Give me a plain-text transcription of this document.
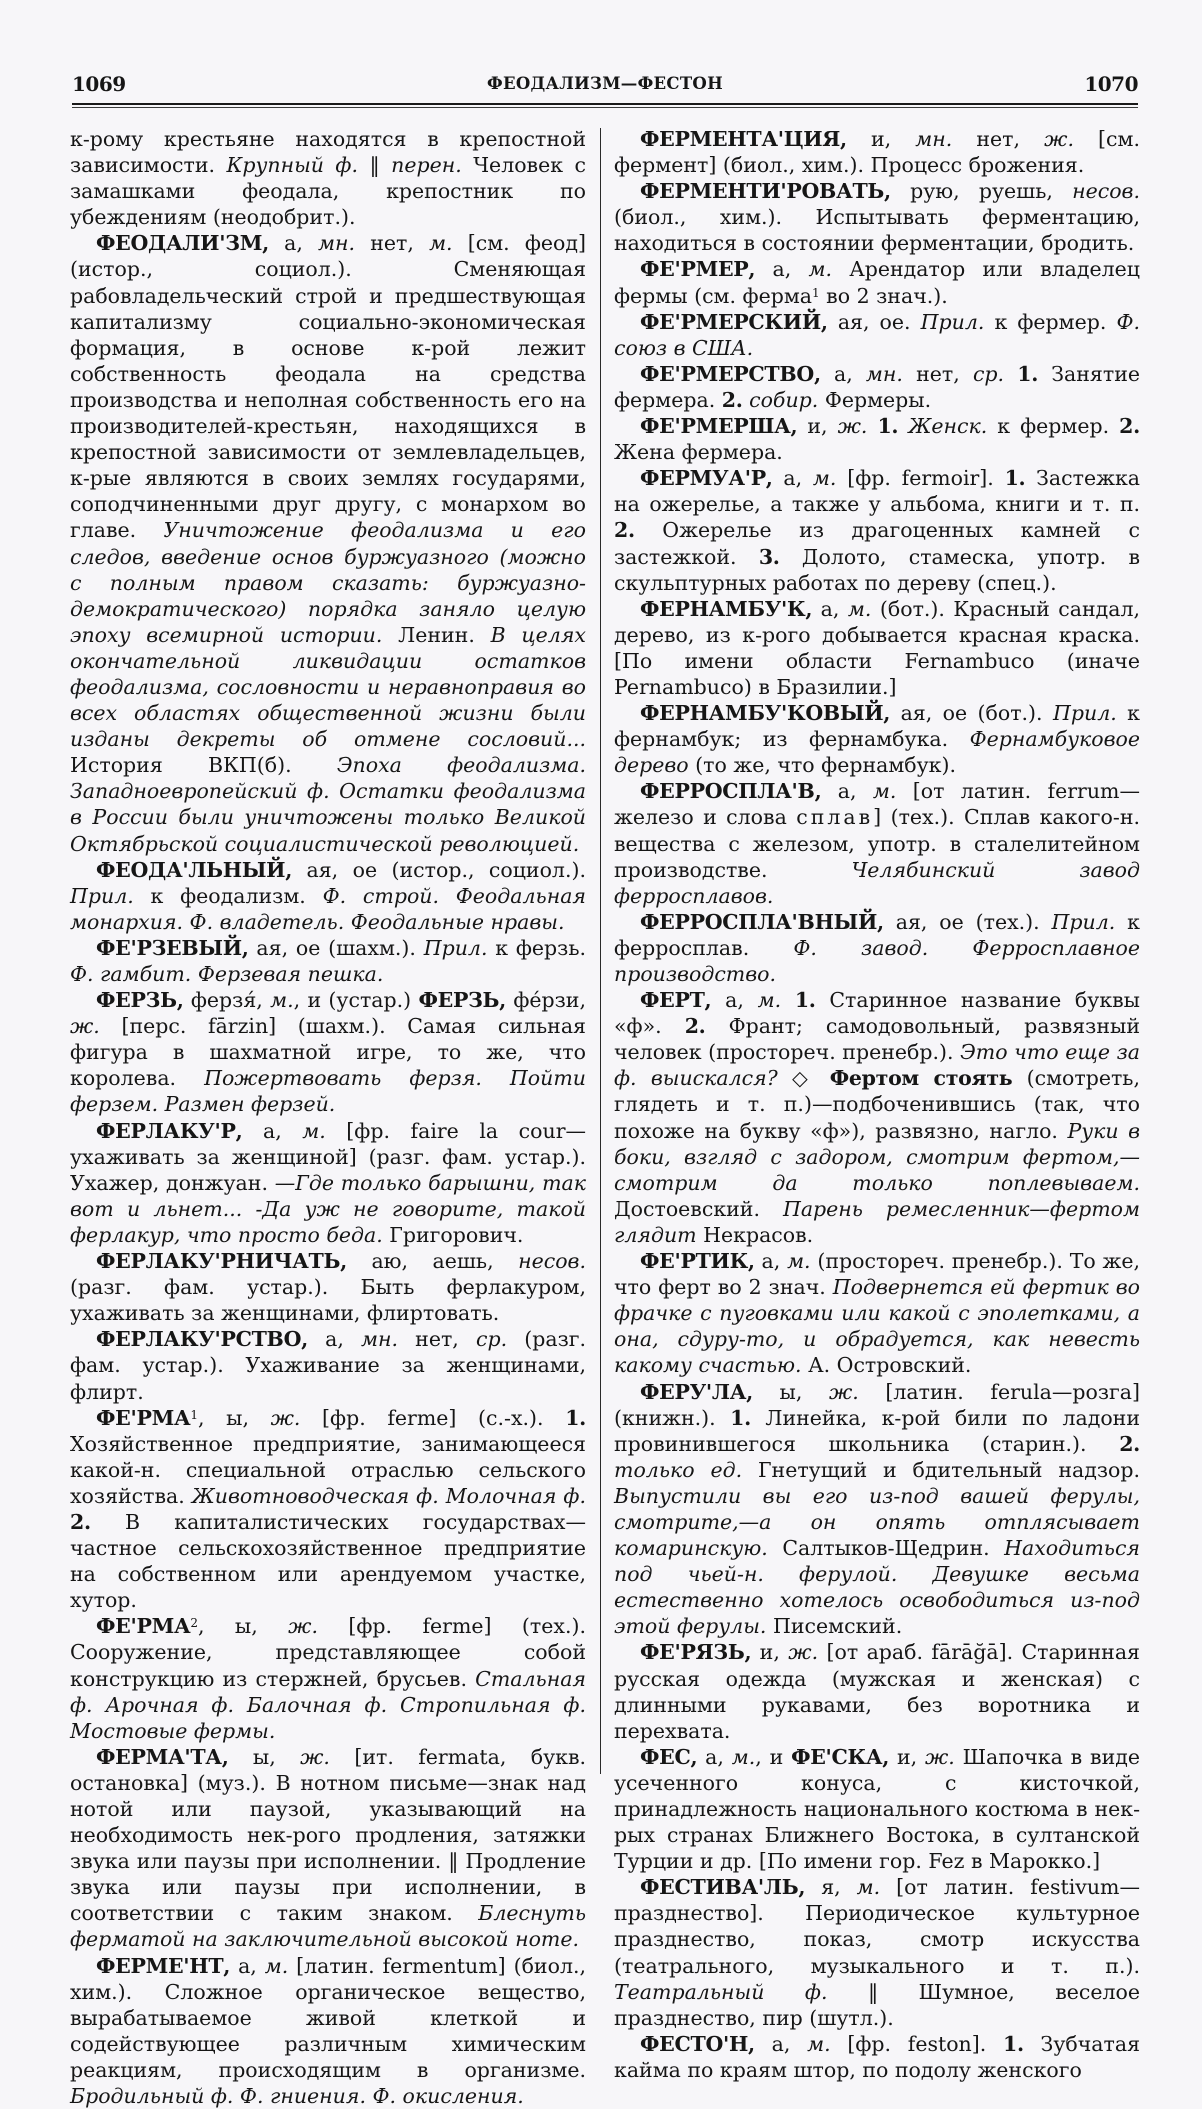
1069	ФЕОДАЛИЗМ—ФЕСТОН	1070

к-рому крестьяне находятся в крепостной зависимости. Крупный ф. ‖ перен. Человек с замашками феодала, крепостник по убеждениям (неодобрит.).

ФЕОДАЛИ'ЗМ, а, мн. нет, м. [см. феод] (истор., социол.). Сменяющая рабовладельческий строй и предшествующая капитализму социально-экономическая формация, в основе к-рой лежит собственность феодала на средства производства и неполная собственность его на производителей-крестьян, находящихся в крепостной зависимости от землевладельцев, к-рые являются в своих землях государями, соподчиненными друг другу, с монархом во главе. Уничтожение феодализма и его следов, введение основ буржуазного (можно с полным правом сказать: буржуазно-демократического) порядка заняло целую эпоху всемирной истории. Ленин. В целях окончательной ликвидации остатков феодализма, сословности и неравноправия во всех областях общественной жизни были изданы декреты об отмене сословий... История ВКП(б). Эпоха феодализма. Западноевропейский ф. Остатки феодализма в России были уничтожены только Великой Октябрьской социалистической революцией.

ФЕОДА'ЛЬНЫЙ, ая, ое (истор., социол.). Прил. к феодализм. Ф. строй. Феодальная монархия. Ф. владетель. Феодальные нравы.

ФЕ'РЗЕВЫЙ, ая, ое (шахм.). Прил. к ферзь. Ф. гамбит. Ферзевая пешка.

ФЕРЗЬ, ферзя́, м., и (устар.) ФЕРЗЬ, фе́рзи, ж. [перс. fārzin] (шахм.). Самая сильная фигура в шахматной игре, то же, что королева. Пожертвовать ферзя. Пойти ферзем. Размен ферзей.

ФЕРЛАКУ'Р, а, м. [фр. faire la cour—ухаживать за женщиной] (разг. фам. устар.). Ухажер, донжуан. —Где только барышни, так вот и льнет... -Да уж не говорите, такой ферлакур, что просто беда. Григорович.

ФЕРЛАКУ'РНИЧАТЬ, аю, аешь, несов. (разг. фам. устар.). Быть ферлакуром, ухаживать за женщинами, флиртовать.

ФЕРЛАКУ'РСТВО, а, мн. нет, ср. (разг. фам. устар.). Ухаживание за женщинами, флирт.

ФЕ'РМА$^1$, ы, ж. [фр. ferme] (с.-х.). 1. Хозяйственное предприятие, занимающееся какой-н. специальной отраслью сельского хозяйства. Животноводческая ф. Молочная ф. 2. В капиталистических государствах—частное сельскохозяйственное предприятие на собственном или арендуемом участке, хутор.

ФЕ'РМА$^2$, ы, ж. [фр. ferme] (тех.). Сооружение, представляющее собой конструкцию из стержней, брусьев. Стальная ф. Арочная ф. Балочная ф. Стропильная ф. Мостовые фермы.

ФЕРМА'ТА, ы, ж. [ит. fermata, букв. остановка] (муз.). В нотном письме—знак над нотой или паузой, указывающий на необходимость нек-рого продления, затяжки звука или паузы при исполнении. ‖ Продление звука или паузы при исполнении, в соответствии с таким знаком. Блеснуть ферматой на заключительной высокой ноте.

ФЕРМЕ'НТ, а, м. [латин. fermentum] (биол., хим.). Сложное органическое вещество, вырабатываемое живой клеткой и содействующее различным химическим реакциям, происходящим в организме. Бродильный ф. Ф. гниения. Ф. окисления.

ФЕРМЕНТА'ЦИЯ, и, мн. нет, ж. [см. фермент] (биол., хим.). Процесс брожения.

ФЕРМЕНТИ'РОВАТЬ, рую, руешь, несов. (биол., хим.). Испытывать ферментацию, находиться в состоянии ферментации, бродить.

ФЕ'РМЕР, а, м. Арендатор или владелец фермы (см. ферма$^1$ во 2 знач.).

ФЕ'РМЕРСКИЙ, ая, ое. Прил. к фермер. Ф. союз в США.

ФЕ'РМЕРСТВО, а, мн. нет, ср. 1. Занятие фермера. 2. собир. Фермеры.

ФЕ'РМЕРША, и, ж. 1. Женск. к фермер. 2. Жена фермера.

ФЕРМУА'Р, а, м. [фр. fermoir]. 1. Застежка на ожерелье, а также у альбома, книги и т. п. 2. Ожерелье из драгоценных камней с застежкой. 3. Долото, стамеска, употр. в скульптурных работах по дереву (спец.).

ФЕРНАМБУ'К, а, м. (бот.). Красный сандал, дерево, из к-рого добывается красная краска. [По имени области Fernambuco (иначе Pernambuco) в Бразилии.]

ФЕРНАМБУ'КОВЫЙ, ая, ое (бот.). Прил. к фернамбук; из фернамбука. Фернамбуковое дерево (то же, что фернамбук).

ФЕРРОСПЛА'В, а, м. [от латин. ferrum—железо и слова сплав] (тех.). Сплав какого-н. вещества с железом, употр. в сталелитейном производстве. Челябинский завод ферросплавов.

ФЕРРОСПЛА'ВНЫЙ, ая, ое (тех.). Прил. к ферросплав. Ф. завод. Ферросплавное производство.

ФЕРТ, а, м. 1. Старинное название буквы «ф». 2. Франт; самодовольный, развязный человек (простореч. пренебр.). Это что еще за ф. выискался? ◇ Фертом стоять (смотреть, глядеть и т. п.)—подбоченившись (так, что похоже на букву «ф»), развязно, нагло. Руки в боки, взгляд с задором, смотрим фертом,—смотрим да только поплевываем. Достоевский. Парень ремесленник—фертом глядит Некрасов.

ФЕ'РТИК, а, м. (простореч. пренебр.). То же, что ферт во 2 знач. Подвернется ей фертик во фрачке с пуговками или какой с эполетками, а она, сдуру-то, и обрадуется, как невесть какому счастью. А. Островский.

ФЕРУ'ЛА, ы, ж. [латин. ferula—розга] (книжн.). 1. Линейка, к-рой били по ладони провинившегося школьника (старин.). 2. только ед. Гнетущий и бдительный надзор. Выпустили вы его из-под вашей ферулы, смотрите,—а он опять отплясывает комаринскую. Салтыков-Щедрин. Находиться под чьей-н. ферулой. Девушке весьма естественно хотелось освободиться из-под этой ферулы. Писемский.

ФЕ'РЯЗЬ, и, ж. [от араб. fārāğā]. Старинная русская одежда (мужская и женская) с длинными рукавами, без воротника и перехвата.

ФЕС, а, м., и ФЕ'СКА, и, ж. Шапочка в виде усеченного конуса, с кисточкой, принадлежность национального костюма в нек-рых странах Ближнего Востока, в султанской Турции и др. [По имени гор. Fez в Марокко.]

ФЕСТИВА'ЛЬ, я, м. [от латин. festivum—празднество]. Периодическое культурное празднество, показ, смотр искусства (театрального, музыкального и т. п.). Театральный ф. ‖ Шумное, веселое празднество, пир (шутл.).

ФЕСТО'Н, а, м. [фр. feston]. 1. Зубчатая кайма по краям штор, по подолу женского
